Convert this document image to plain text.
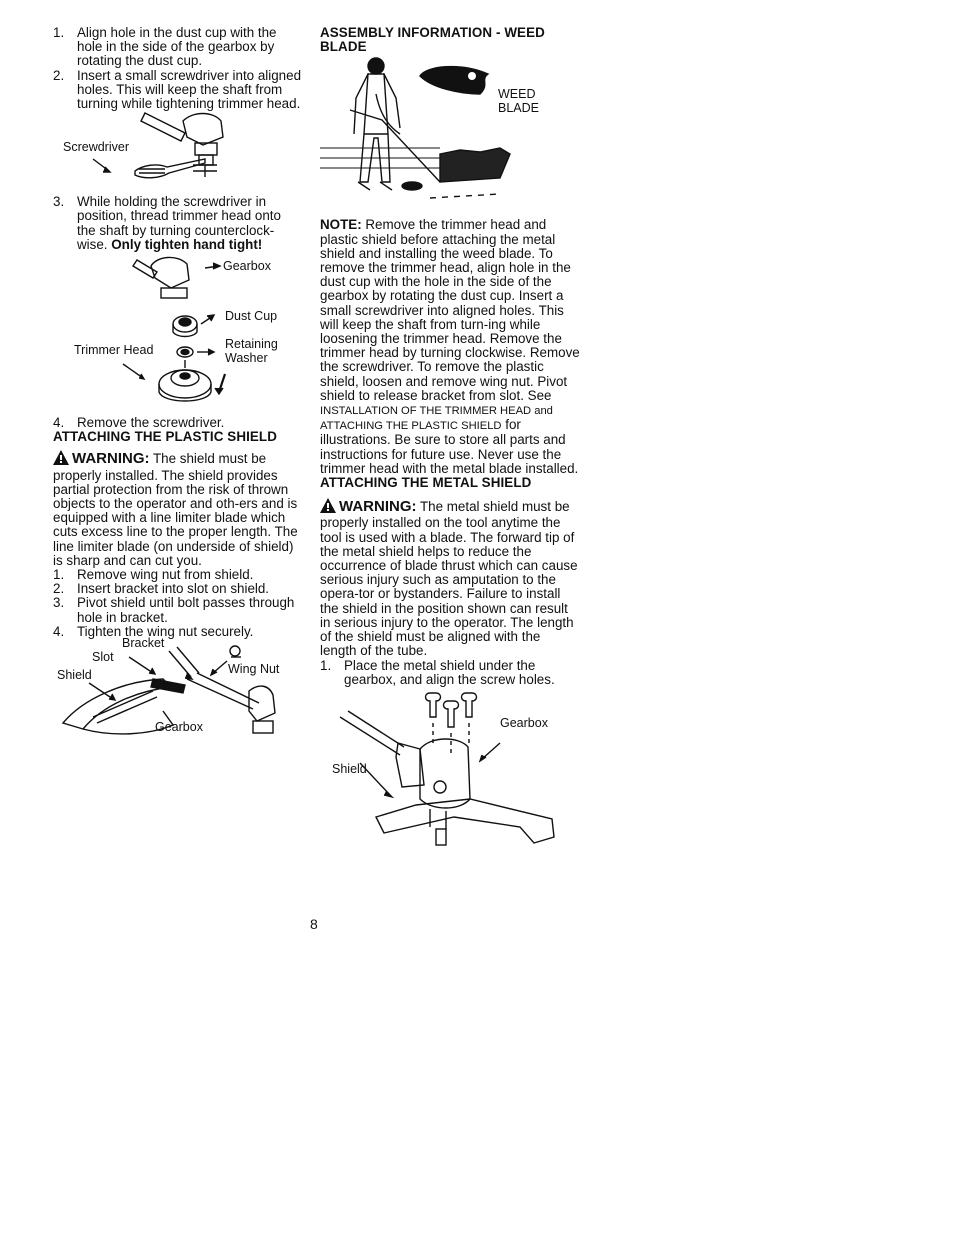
1. Align hole in the dust cup with the hole in the side of the gearbox by rotating the dust cup.
2. Insert a small screwdriver into aligned holes. This will keep the shaft from turning while tightening trimmer head.
Screwdriver
3. While holding the screwdriver in position, thread trimmer head onto the shaft by turning counterclock-wise. Only tighten hand tight!
Gearbox
Dust Cup
Trimmer Head	Retaining
Washer
4. Remove the screwdriver.
ATTACHING THE PLASTIC SHIELD
WARNING: The shield must be properly installed. The shield provides partial protection from the risk of thrown objects to the operator and oth-ers and is equipped with a line limiter blade which cuts excess line to the proper length. The line limiter blade (on underside of shield) is sharp and can cut you.
1. Remove wing nut from shield.
2. Insert bracket into slot on shield.
3. Pivot shield until bolt passes through hole in bracket.
4. Tighten the wing nut securely.
Bracket
Slot
Shield	Wing Nut
Gearbox
ASSEMBLY INFORMATION - WEED BLADE
WEED
BLADE
NOTE: Remove the trimmer head and plastic shield before attaching the metal shield and installing the weed blade. To remove the trimmer head, align hole in the dust cup with the hole in the side of the gearbox by rotating the dust cup. Insert a small screwdriver into aligned holes. This will keep the shaft from turn-ing while loosening the trimmer head. Remove the trimmer head by turning clockwise. Remove the screwdriver. To remove the plastic shield, loosen and remove wing nut. Pivot shield to release bracket from slot. See INSTALLATION OF THE TRIMMER HEAD and ATTACHING THE PLASTIC SHIELD for illustrations. Be sure to store all parts and instructions for future use. Never use the trimmer head with the metal blade installed.
ATTACHING THE METAL SHIELD
WARNING: The metal shield must be properly installed on the tool anytime the tool is used with a blade. The forward tip of the metal shield helps to reduce the occurrence of blade thrust which can cause serious injury such as amputation to the opera-tor or bystanders. Failure to install the shield in the position shown can result in serious injury to the operator. The length of the shield must be aligned with the length of the tube.
1. Place the metal shield under the gearbox, and align the screw holes.
Gearbox
Shield
8
